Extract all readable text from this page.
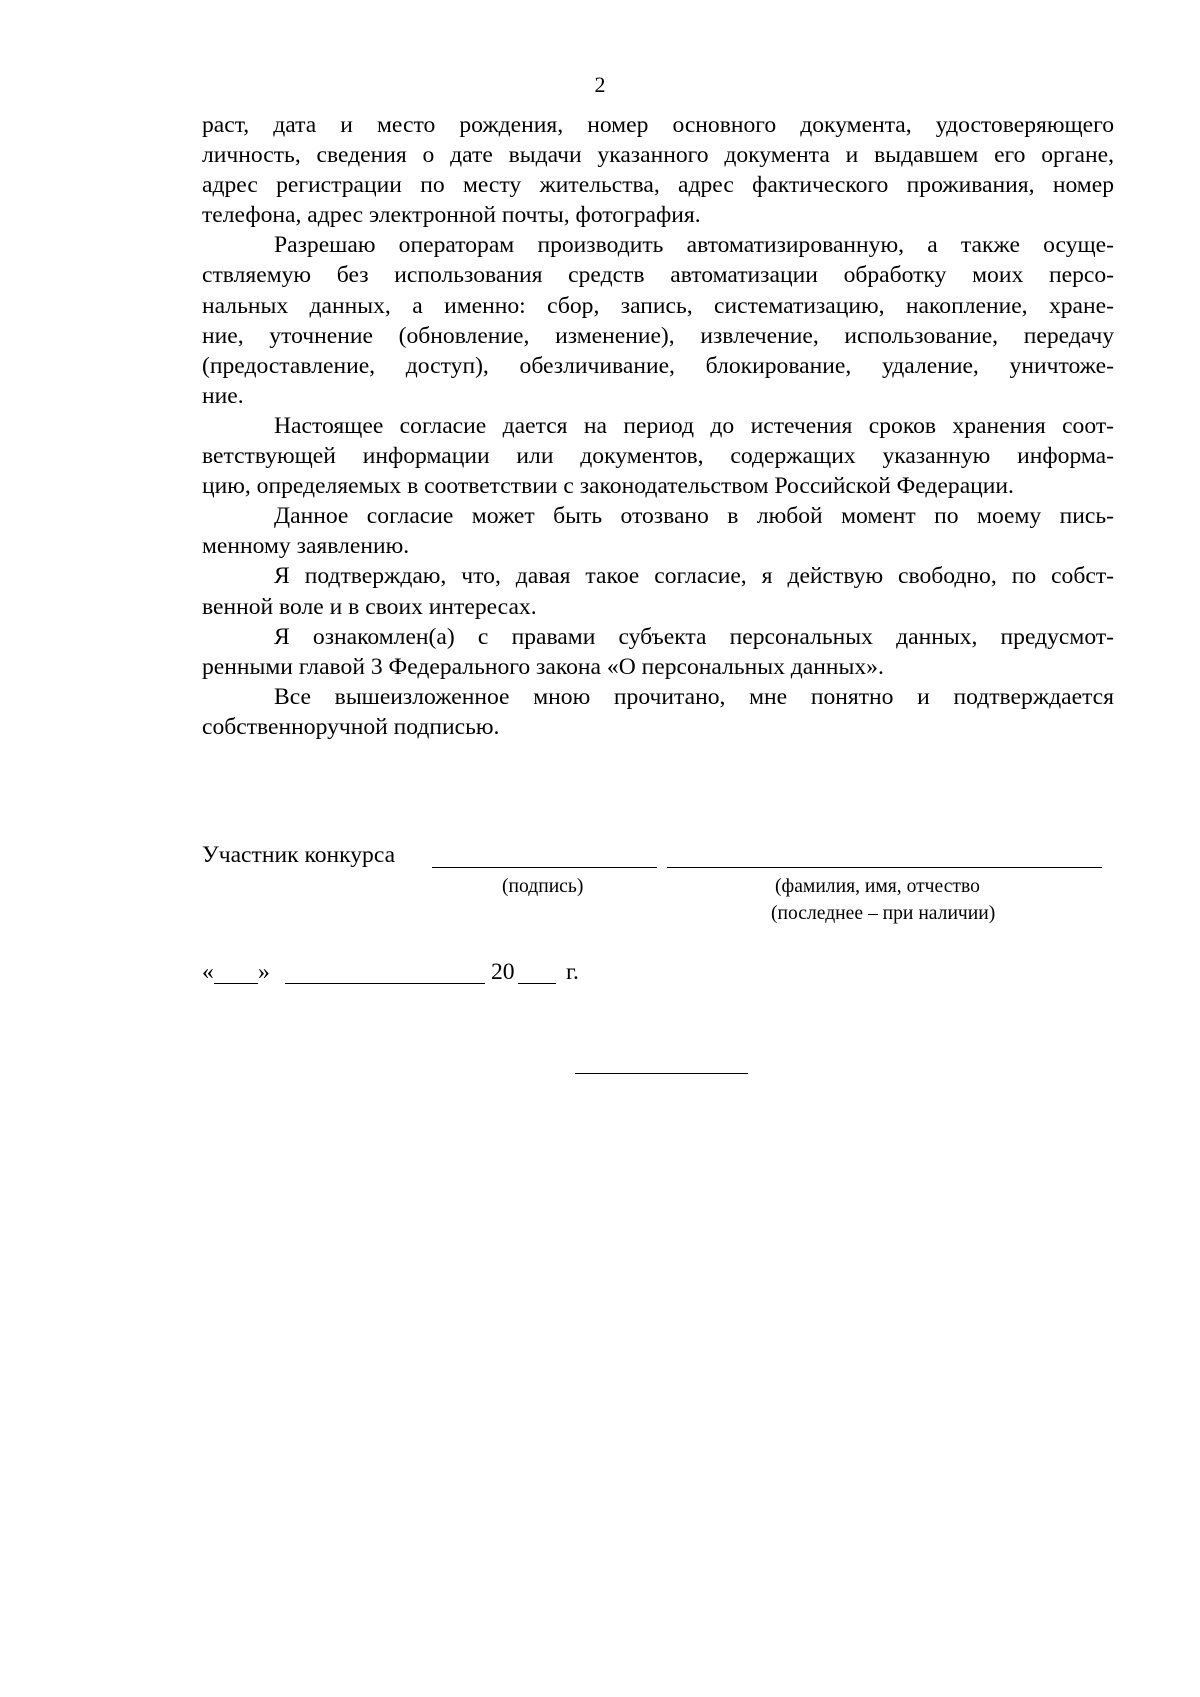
2

раст, дата и место рождения, номер основного документа, удостоверяющего
личность, сведения о дате выдачи указанного документа и выдавшем его органе,
адрес регистрации по месту жительства, адрес фактического проживания, номер

телефона, адрес электронной почты, фотография.

Разрешаю операторам производить автоматизированную, а также осуще-

ствляемую без использования средств автоматизации обработку моих персо-
нальных данных, а именно: сбор, запись, систематизацию, накопление, хране-
ние, уточнение (обновление, изменение), извлечение, использование, передачу
(предоставление, доступ), обезличивание, блокирование, удаление, уничтоже-

ние.

Настоящее согласие дается на период до истечения сроков хранения соот-

ветствующей информации или документов, содержащих указанную информа-

цию, определяемых в соответствии с законодательством Российской Федерации.

Данное согласие может быть отозвано в любой момент по моему пись-

менному заявлению.

Я подтверждаю, что, давая такое согласие, я действую свободно, по собст-

венной воле и в своих интересах.

Я ознакомлен(а) с правами субъекта персональных данных, предусмот-

ренными главой 3 Федерального закона «О персональных данных».

Все вышеизложенное мною прочитано, мне понятно и подтверждается

собственноручной подписью.

Участник конкурса
(подпись)	(фамилия, имя, отчество
(последнее – при наличии)
« »	20 г.
